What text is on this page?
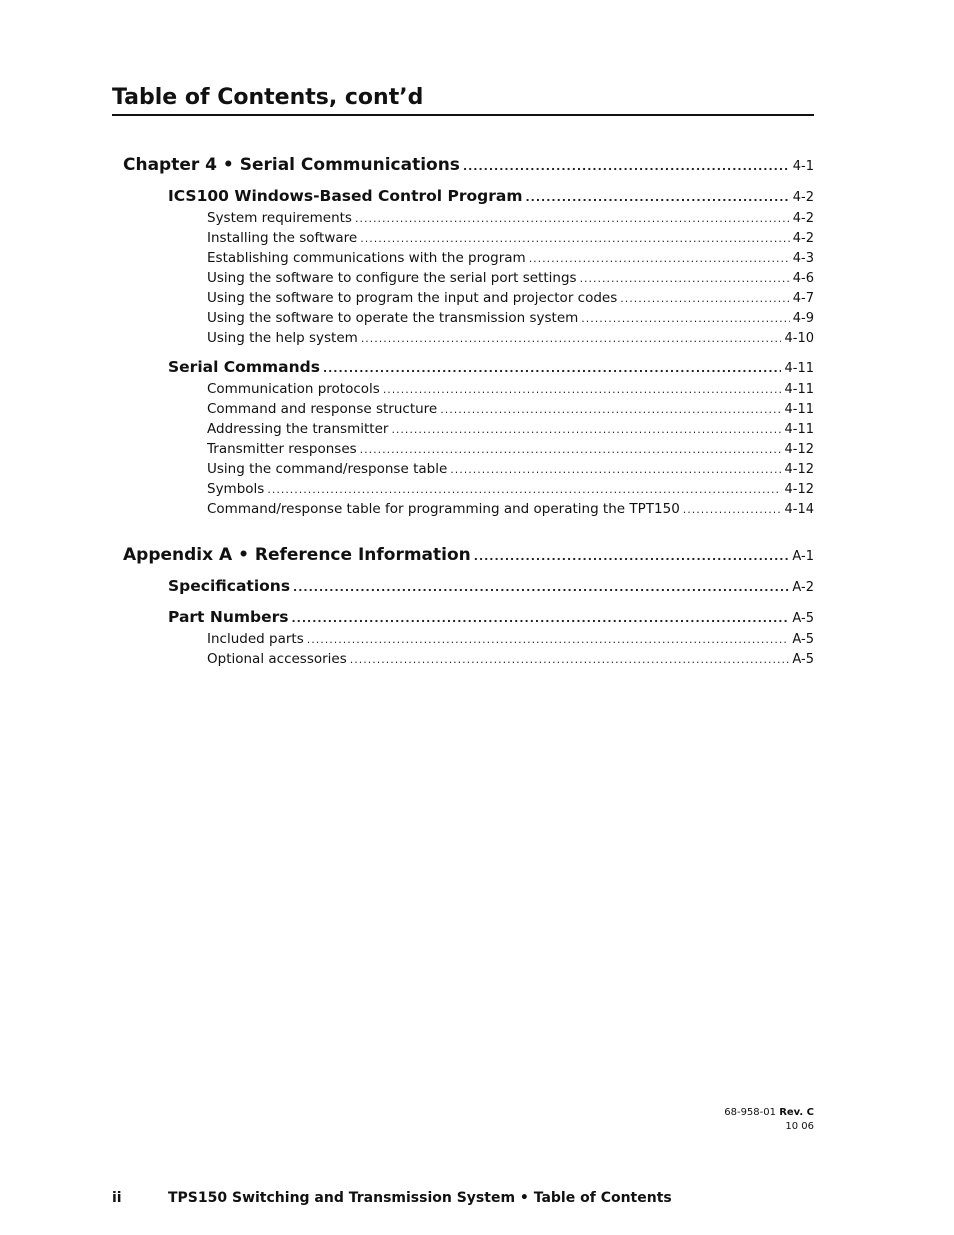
Table of Contents, cont’d
Chapter 4 • Serial Communications .....	4-1
ICS100 Windows-Based Control Program .....	4-2
System requirements .....	4-2
Installing the software .....	4-2
Establishing communications with the program .....	4-3
Using the software to configure the serial port settings .....	4-6
Using the software to program the input and projector codes .....	4-7
Using the software to operate the transmission system .....	4-9
Using the help system .....	4-10
Serial Commands .....	4-11
Communication protocols .....	4-11
Command and response structure .....	4-11
Addressing the transmitter .....	4-11
Transmitter responses .....	4-12
Using the command/response table .....	4-12
Symbols .....	4-12
Command/response table for programming and operating the TPT150 .....	4-14
Appendix A • Reference Information .....	A-1
Specifications .....	A-2
Part Numbers .....	A-5
Included parts .....	A-5
Optional accessories .....	A-5
68-958-01 Rev. C
10 06
ii	TPS150 Switching and Transmission System • Table of Contents
